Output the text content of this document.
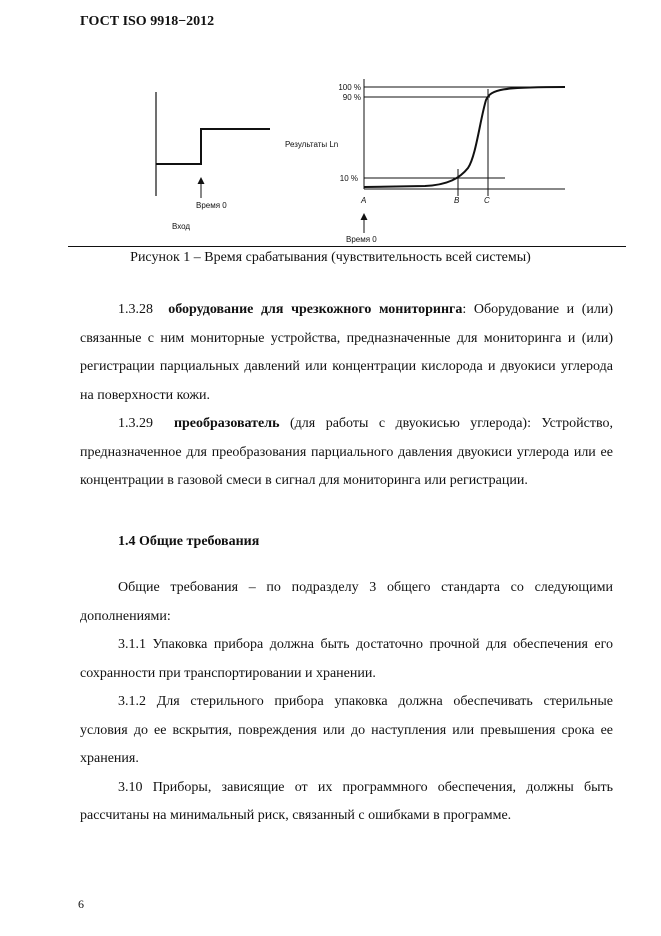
ГОСТ ISO 9918−2012
Время 0
Вход
100 %
90 %
10 %
Результаты Ln
A	B	C
Время 0
Рисунок 1 – Время срабатывания (чувствительность всей системы)

1.3.28 оборудование для чрезкожного мониторинга: Оборудование и (или) связанные с ним мониторные устройства, предназначенные для мониторинга и (или) регистрации парциальных давлений или концентрации кислорода и двуокиси углерода на поверхности кожи.

1.3.29 преобразователь (для работы с двуокисью углерода): Устройство, предназначенное для преобразования парциального давления двуокиси углерода или ее концентрации в газовой смеси в сигнал для мониторинга или регистрации.

1.4 Общие требования

Общие требования – по подразделу 3 общего стандарта со следующими дополнениями:

3.1.1 Упаковка прибора должна быть достаточно прочной для обеспечения его сохранности при транспортировании и хранении.

3.1.2 Для стерильного прибора упаковка должна обеспечивать стерильные условия до ее вскрытия, повреждения или до наступления или превышения срока ее хранения.

3.10 Приборы, зависящие от их программного обеспечения, должны быть рассчитаны на минимальный риск, связанный с ошибками в программе.

6
